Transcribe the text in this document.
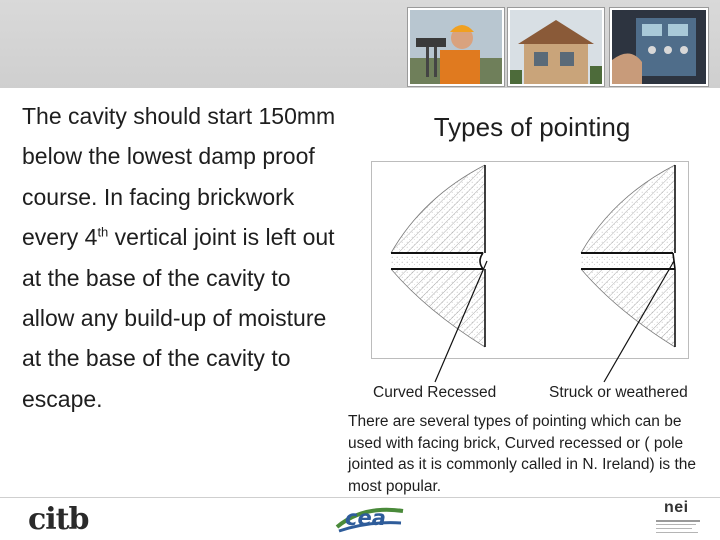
The cavity should start 150mm below the lowest damp proof course. In facing brickwork every 4th vertical joint is left out at the base of the cavity to allow any build-up of moisture at the base of the cavity to escape.

Types of pointing
Curved Recessed	Struck or weathered
There are several types of pointing which can be used with facing brick, Curved recessed or ( pole jointed as it is commonly called in N. Ireland) is the most popular.
citb	cea	nei
